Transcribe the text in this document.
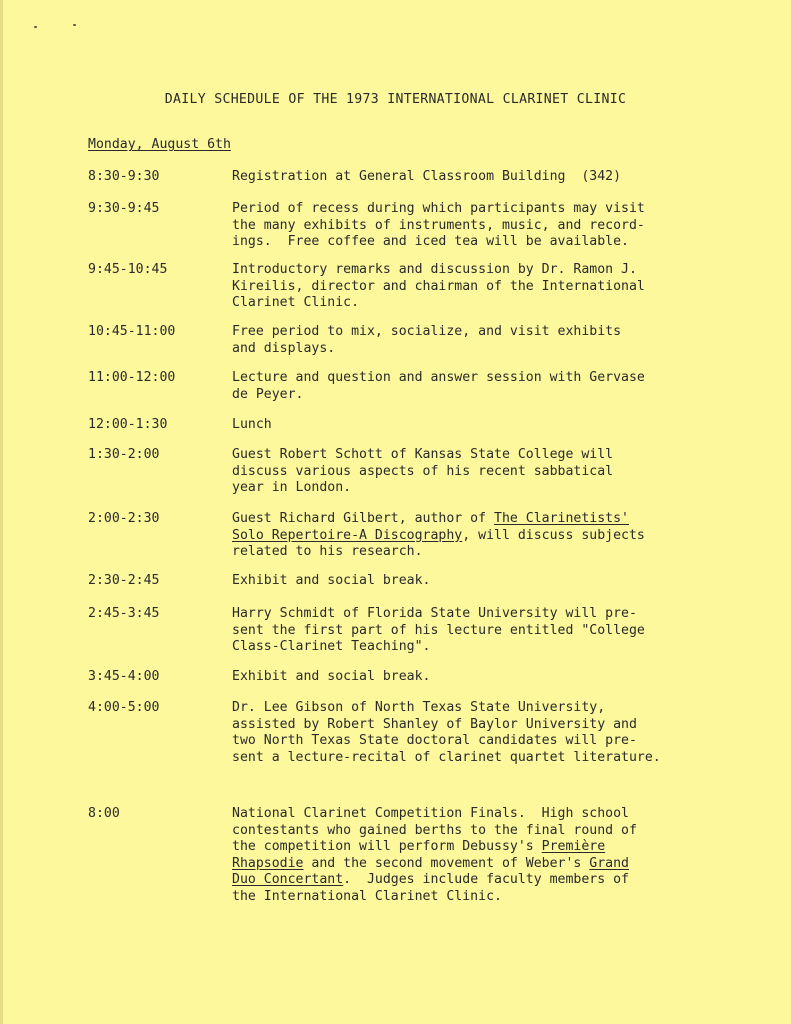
DAILY SCHEDULE OF THE 1973 INTERNATIONAL CLARINET CLINIC
Monday, August 6th
8:30-9:30	Registration at General Classroom Building  (342)
9:30-9:45	Period of recess during which participants may visit
the many exhibits of instruments, music, and record-
ings.  Free coffee and iced tea will be available.
9:45-10:45	Introductory remarks and discussion by Dr. Ramon J.
Kireilis, director and chairman of the International
Clarinet Clinic.
10:45-11:00	Free period to mix, socialize, and visit exhibits
and displays.
11:00-12:00	Lecture and question and answer session with Gervase
de Peyer.
12:00-1:30	Lunch
1:30-2:00	Guest Robert Schott of Kansas State College will
discuss various aspects of his recent sabbatical
year in London.
2:00-2:30	Guest Richard Gilbert, author of The Clarinetists'
Solo Repertoire-A Discography, will discuss subjects
related to his research.
2:30-2:45	Exhibit and social break.
2:45-3:45	Harry Schmidt of Florida State University will pre-
sent the first part of his lecture entitled "College
Class-Clarinet Teaching".
3:45-4:00	Exhibit and social break.
4:00-5:00	Dr. Lee Gibson of North Texas State University,
assisted by Robert Shanley of Baylor University and
two North Texas State doctoral candidates will pre-
sent a lecture-recital of clarinet quartet literature.
8:00	National Clarinet Competition Finals.  High school
contestants who gained berths to the final round of
the competition will perform Debussy's Première
Rhapsodie and the second movement of Weber's Grand
Duo Concertant.  Judges include faculty members of
the International Clarinet Clinic.
